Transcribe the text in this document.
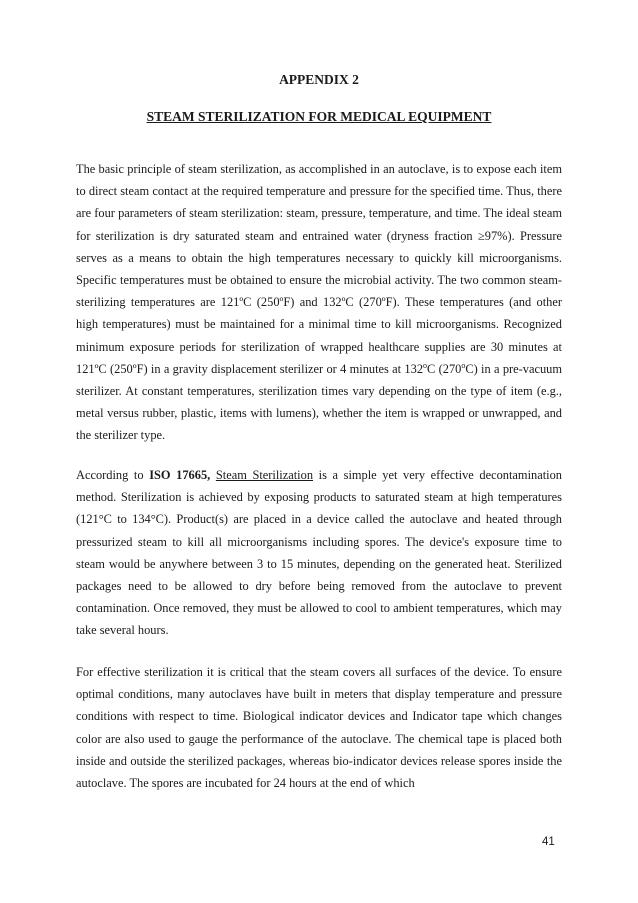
APPENDIX 2

STEAM STERILIZATION FOR MEDICAL EQUIPMENT

The basic principle of steam sterilization, as accomplished in an autoclave, is to expose each item to direct steam contact at the required temperature and pressure for the specified time. Thus, there are four parameters of steam sterilization: steam, pressure, temperature, and time. The ideal steam for sterilization is dry saturated steam and entrained water (dryness fraction ≥97%). Pressure serves as a means to obtain the high temperatures necessary to quickly kill microorganisms. Specific temperatures must be obtained to ensure the microbial activity. The two common steam-sterilizing temperatures are 121ºC (250ºF) and 132ºC (270ºF). These temperatures (and other high temperatures) must be maintained for a minimal time to kill microorganisms. Recognized minimum exposure periods for sterilization of wrapped healthcare supplies are 30 minutes at 121ºC (250ºF) in a gravity displacement sterilizer or 4 minutes at 132$^o$C (270$^o$C) in a pre-vacuum sterilizer. At constant temperatures, sterilization times vary depending on the type of item (e.g., metal versus rubber, plastic, items with lumens), whether the item is wrapped or unwrapped, and the sterilizer type.

According to ISO 17665, Steam Sterilization is a simple yet very effective decontamination method. Sterilization is achieved by exposing products to saturated steam at high temperatures (121°C to 134°C). Product(s) are placed in a device called the autoclave and heated through pressurized steam to kill all microorganisms including spores. The device's exposure time to steam would be anywhere between 3 to 15 minutes, depending on the generated heat. Sterilized packages need to be allowed to dry before being removed from the autoclave to prevent contamination. Once removed, they must be allowed to cool to ambient temperatures, which may take several hours.

For effective sterilization it is critical that the steam covers all surfaces of the device. To ensure optimal conditions, many autoclaves have built in meters that display temperature and pressure conditions with respect to time. Biological indicator devices and Indicator tape which changes color are also used to gauge the performance of the autoclave. The chemical tape is placed both inside and outside the sterilized packages, whereas bio-indicator devices release spores inside the autoclave. The spores are incubated for 24 hours at the end of which

41
